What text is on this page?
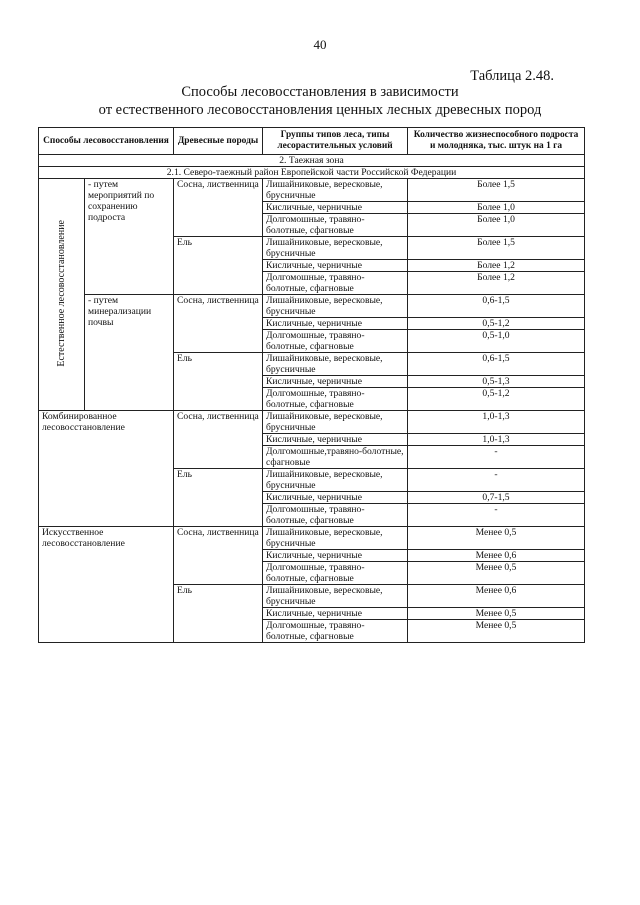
40
Таблица 2.48.
Способы лесовосстановления в зависимости
от естественного лесовосстановления ценных лесных древесных пород
Способы лесовосстановления		Древесные породы	Группы типов леса, типы лесорастительных условий	Количество жизнеспособного подроста и молодняка, тыс. штук на 1 га
2. Таежная зона				
2.1. Северо-таежный район Европейской части Российской Федерации				
Естественное лесовосстановление	- путем мероприятий по сохранению подроста	Сосна, лиственница	Лишайниковые, вересковые, брусничные	Более 1,5
			Кисличные, черничные	Более 1,0
			Долгомошные, травяно-болотные, сфагновые	Более 1,0
		Ель	Лишайниковые, вересковые, брусничные	Более 1,5
			Кисличные, черничные	Более 1,2
			Долгомошные, травяно-болотные, сфагновые	Более 1,2
	- путем минерализации почвы	Сосна, лиственница	Лишайниковые, вересковые, брусничные	0,6-1,5
			Кисличные, черничные	0,5-1,2
			Долгомошные, травяно-болотные, сфагновые	0,5-1,0
		Ель	Лишайниковые, вересковые, брусничные	0,6-1,5
			Кисличные, черничные	0,5-1,3
			Долгомошные, травяно-болотные, сфагновые	0,5-1,2
Комбинированное лесовосстановление		Сосна, лиственница	Лишайниковые, вересковые, брусничные	1,0-1,3
			Кисличные, черничные	1,0-1,3
			Долгомошные,травяно-болотные, сфагновые	-
		Ель	Лишайниковые, вересковые, брусничные	-
			Кисличные, черничные	0,7-1,5
			Долгомошные, травяно-болотные, сфагновые	-
Искусственное лесовосстановление		Сосна, лиственница	Лишайниковые, вересковые, брусничные	Менее 0,5
			Кисличные, черничные	Менее 0,6
			Долгомошные, травяно-болотные, сфагновые	Менее 0,5
		Ель	Лишайниковые, вересковые, брусничные	Менее 0,6
			Кисличные, черничные	Менее 0,5
			Долгомошные, травяно-болотные, сфагновые	Менее 0,5
